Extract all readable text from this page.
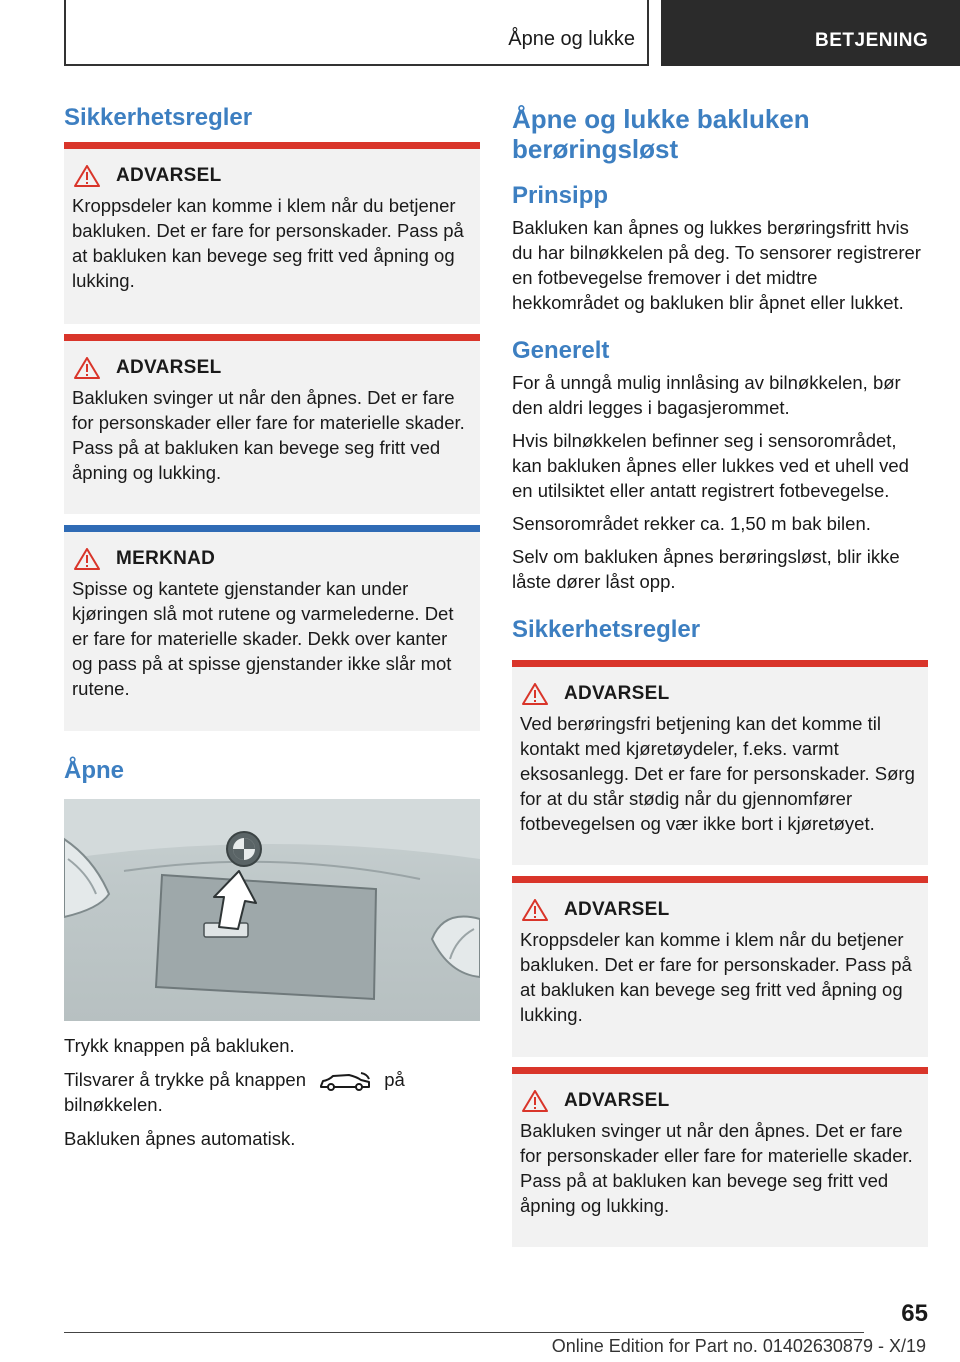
Åpne og lukke	BETJENING
Sikkerhetsregler
ADVARSEL
Kroppsdeler kan komme i klem når du betjener bakluken. Det er fare for personskader. Pass på at bakluken kan bevege seg fritt ved åpning og lukking.
ADVARSEL
Bakluken svinger ut når den åpnes. Det er fare for personskader eller fare for materielle skader. Pass på at bakluken kan bevege seg fritt ved åpning og lukking.
MERKNAD
Spisse og kantete gjenstander kan under kjøringen slå mot rutene og varmelederne. Det er fare for materielle skader. Dekk over kanter og pass på at spisse gjenstander ikke slår mot rutene.
Åpne
Trykk knappen på bakluken.
Tilsvarer å trykke på knappen	på bilnøkkelen.
Bakluken åpnes automatisk.
Åpne og lukke bakluken berøringsløst
Prinsipp
Bakluken kan åpnes og lukkes berøringsfritt hvis du har bilnøkkelen på deg. To sensorer registrerer en fotbevegelse fremover i det midtre hekkområdet og bakluken blir åpnet eller lukket.
Generelt
For å unngå mulig innlåsing av bilnøkkelen, bør den aldri legges i bagasjerommet.
Hvis bilnøkkelen befinner seg i sensorområdet, kan bakluken åpnes eller lukkes ved et uhell ved en utilsiktet eller antatt registrert fotbevegelse.
Sensorområdet rekker ca. 1,50 m bak bilen.
Selv om bakluken åpnes berøringsløst, blir ikke låste dører låst opp.
Sikkerhetsregler
ADVARSEL
Ved berøringsfri betjening kan det komme til kontakt med kjøretøydeler, f.eks. varmt eksosanlegg. Det er fare for personskader. Sørg for at du står stødig når du gjennomfører fotbevegelsen og vær ikke bort i kjøretøyet.
ADVARSEL
Kroppsdeler kan komme i klem når du betjener bakluken. Det er fare for personskader. Pass på at bakluken kan bevege seg fritt ved åpning og lukking.
ADVARSEL
Bakluken svinger ut når den åpnes. Det er fare for personskader eller fare for materielle skader. Pass på at bakluken kan bevege seg fritt ved åpning og lukking.
65
Online Edition for Part no. 01402630879 - X/19
